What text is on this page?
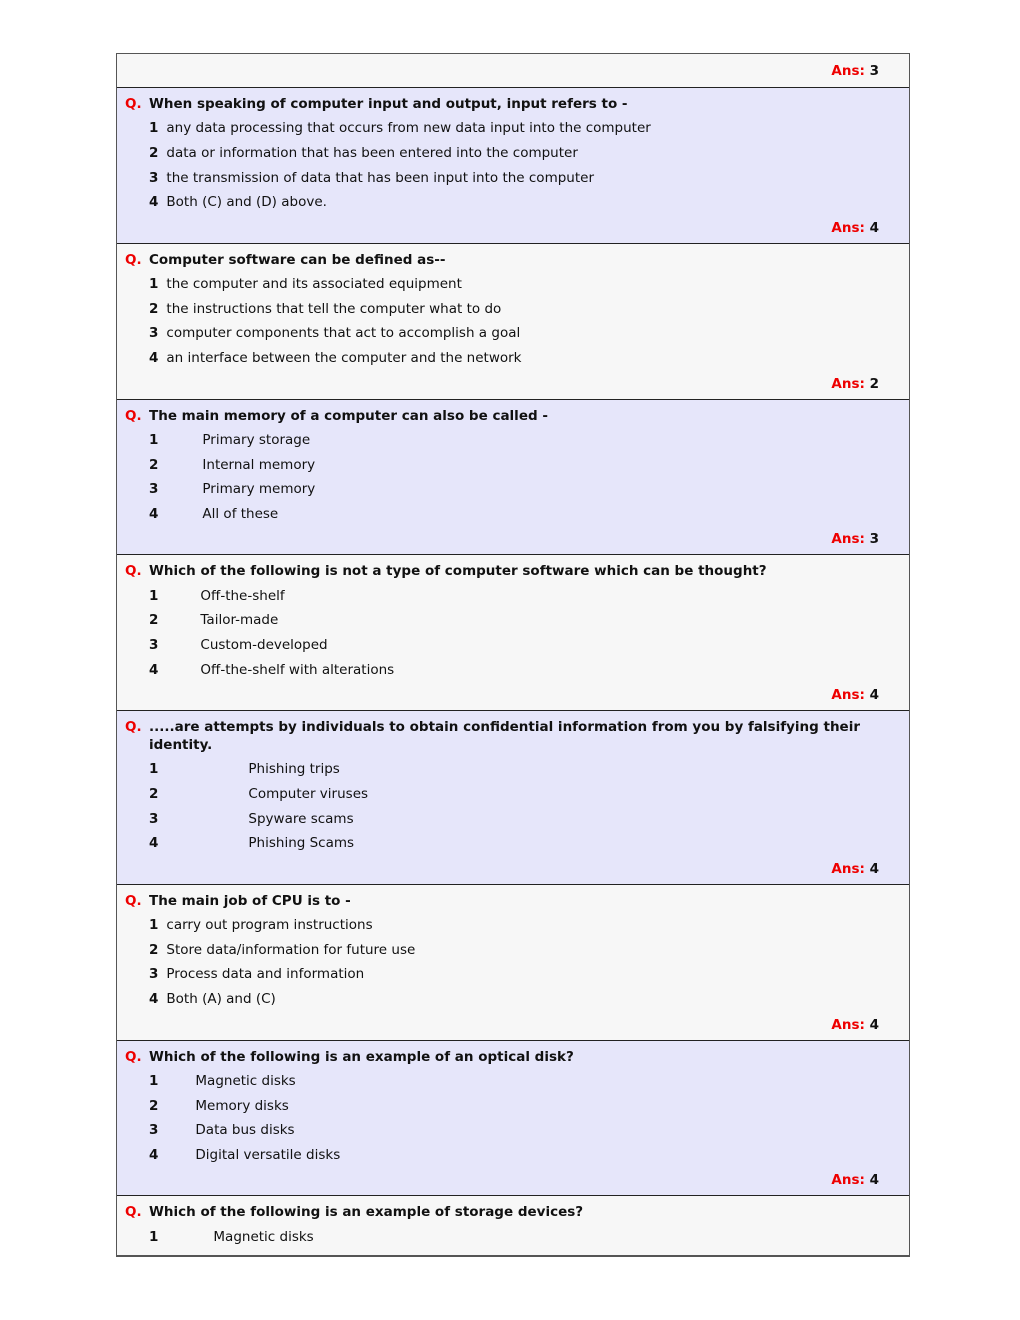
Ans: 3
Q. When speaking of computer input and output, input refers to -
1 any data processing that occurs from new data input into the computer
2 data or information that has been entered into the computer
3 the transmission of data that has been input into the computer
4 Both (C) and (D) above.
Ans: 4
Q. Computer software can be defined as--
1 the computer and its associated equipment
2 the instructions that tell the computer what to do
3 computer components that act to accomplish a goal
4 an interface between the computer and the network
Ans: 2
Q. The main memory of a computer can also be called -
1	Primary storage
2	Internal memory
3	Primary memory
4	All of these
Ans: 3
Q. Which of the following is not a type of computer software which can be thought?
1	Off-the-shelf
2	Tailor-made
3	Custom-developed
4	Off-the-shelf with alterations
Ans: 4
Q. .....are attempts by individuals to obtain confidential information from you by falsifying their identity.
1	Phishing trips
2	Computer viruses
3	Spyware scams
4	Phishing Scams
Ans: 4
Q. The main job of CPU is to -
1 carry out program instructions
2 Store data/information for future use
3 Process data and information
4 Both (A) and (C)
Ans: 4
Q. Which of the following is an example of an optical disk?
1	Magnetic disks
2	Memory disks
3	Data bus disks
4	Digital versatile disks
Ans: 4
Q. Which of the following is an example of storage devices?
1	Magnetic disks
